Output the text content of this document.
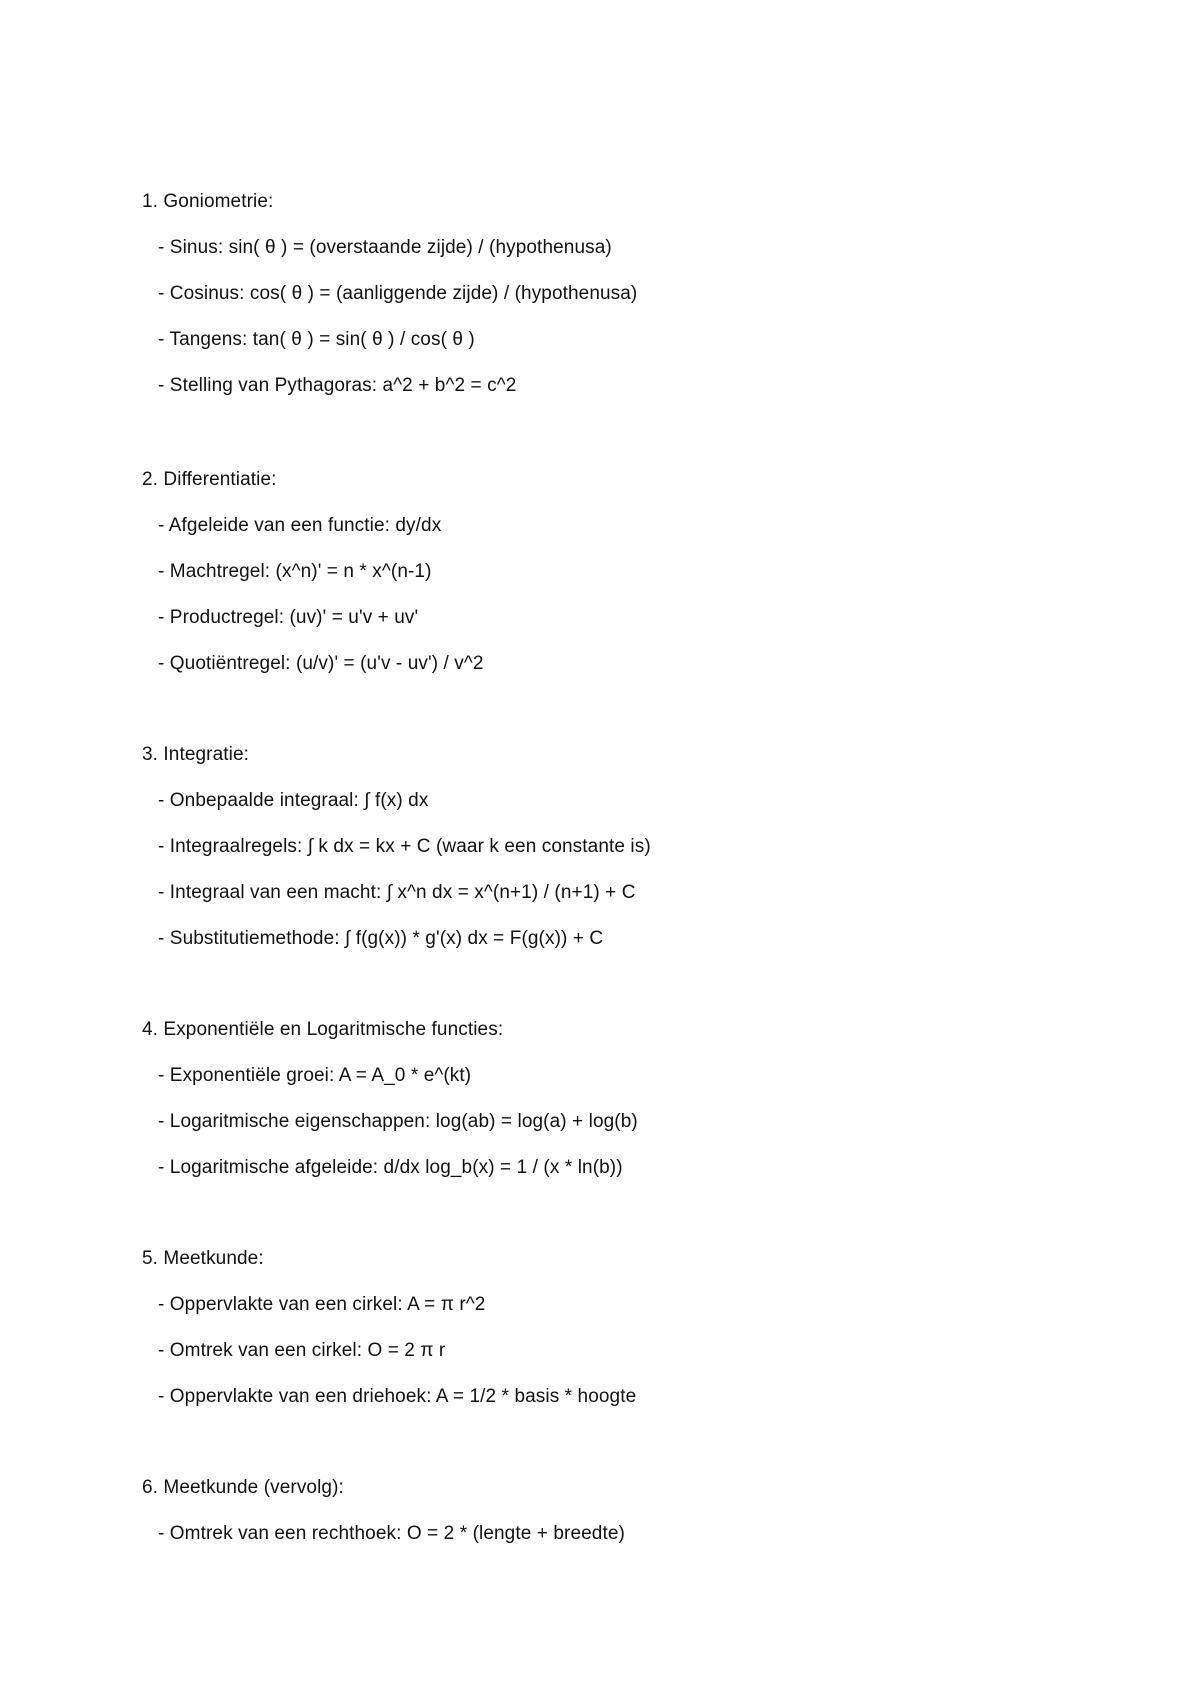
1. Goniometrie:
- Sinus: sin( θ ) = (overstaande zijde) / (hypothenusa)
- Cosinus: cos( θ ) = (aanliggende zijde) / (hypothenusa)
- Tangens: tan( θ ) = sin( θ ) / cos( θ )
- Stelling van Pythagoras: a^2 + b^2 = c^2
2. Differentiatie:
- Afgeleide van een functie: dy/dx
- Machtregel: (x^n)' = n * x^(n-1)
- Productregel: (uv)' = u'v + uv'
- Quotiëntregel: (u/v)' = (u'v - uv') / v^2
3. Integratie:
- Onbepaalde integraal: ∫ f(x) dx
- Integraalregels: ∫ k dx = kx + C (waar k een constante is)
- Integraal van een macht: ∫ x^n dx = x^(n+1) / (n+1) + C
- Substitutiemethode: ∫ f(g(x)) * g'(x) dx = F(g(x)) + C
4. Exponentiële en Logaritmische functies:
- Exponentiële groei: A = A_0 * e^(kt)
- Logaritmische eigenschappen: log(ab) = log(a) + log(b)
- Logaritmische afgeleide: d/dx log_b(x) = 1 / (x * ln(b))
5. Meetkunde:
- Oppervlakte van een cirkel: A = π r^2
- Omtrek van een cirkel: O = 2 π r
- Oppervlakte van een driehoek: A = 1/2 * basis * hoogte
6. Meetkunde (vervolg):
- Omtrek van een rechthoek: O = 2 * (lengte + breedte)
